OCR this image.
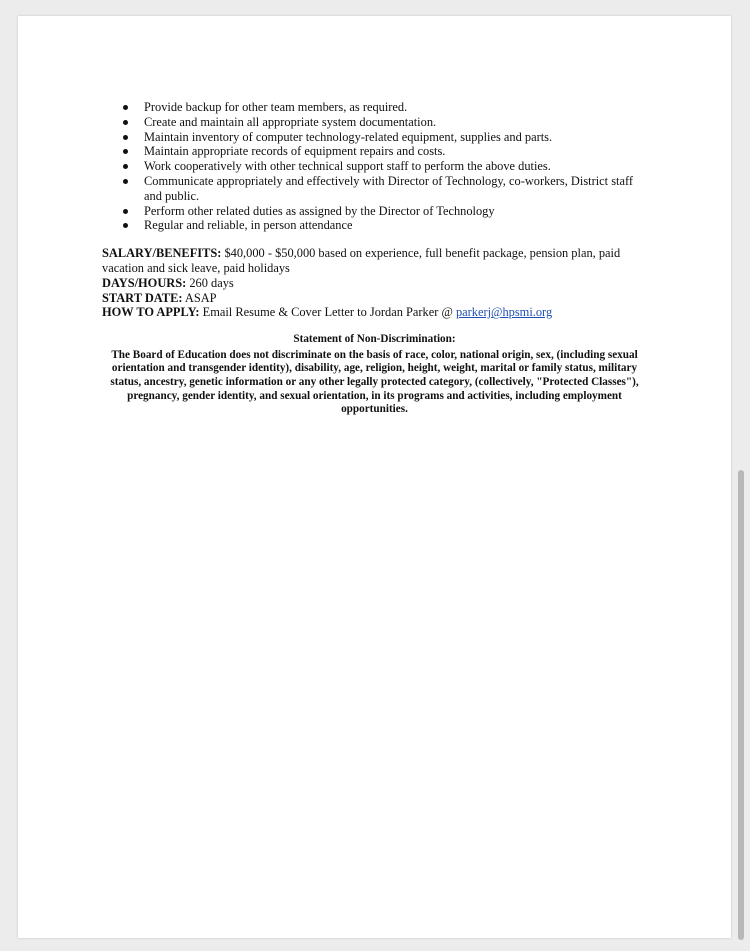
Provide backup for other team members, as required.
Create and maintain all appropriate system documentation.
Maintain inventory of computer technology-related equipment, supplies and parts.
Maintain appropriate records of equipment repairs and costs.
Work cooperatively with other technical support staff to perform the above duties.
Communicate appropriately and effectively with Director of Technology, co-workers, District staff and public.
Perform other related duties as assigned by the Director of Technology
Regular and reliable, in person attendance

SALARY/BENEFITS: $40,000 - $50,000 based on experience, full benefit package, pension plan, paid vacation and sick leave, paid holidays

DAYS/HOURS: 260 days

START DATE: ASAP

HOW TO APPLY: Email Resume & Cover Letter to Jordan Parker @ parkerj@hpsmi.org

Statement of Non-Discrimination:
The Board of Education does not discriminate on the basis of race, color, national origin, sex, (including sexual orientation and transgender identity), disability, age, religion, height, weight, marital or family status, military status, ancestry, genetic information or any other legally protected category, (collectively, "Protected Classes"), pregnancy, gender identity, and sexual orientation, in its programs and activities, including employment opportunities.
